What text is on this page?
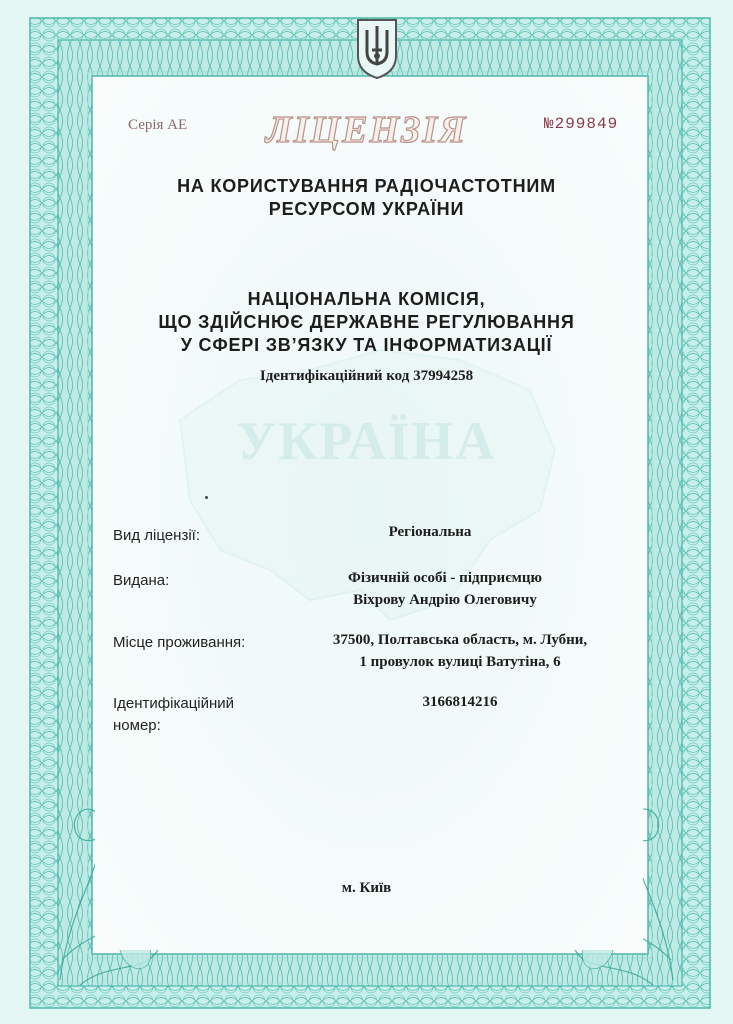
УКРАЇНА
Серія АЕ	ЛІЦЕНЗІЯ	№299849
НА КОРИСТУВАННЯ РАДІОЧАСТОТНИМ
РЕСУРСОМ УКРАЇНИ
НАЦІОНАЛЬНА КОМІСІЯ,
ЩО ЗДІЙСНЮЄ ДЕРЖАВНЕ РЕГУЛЮВАННЯ
У СФЕРІ ЗВ’ЯЗКУ ТА ІНФОРМАТИЗАЦІЇ
Ідентифікаційний код 37994258
Вид ліцензії:	Регіональна
Видана:	Фізичній особі - підприємцю
Віхрову Андрію Олеговичу
Місце проживання:	37500, Полтавська область, м. Лубни,
1 провулок вулиці Ватутіна, 6
Ідентифікаційний
номер:
3166814216
м. Київ
